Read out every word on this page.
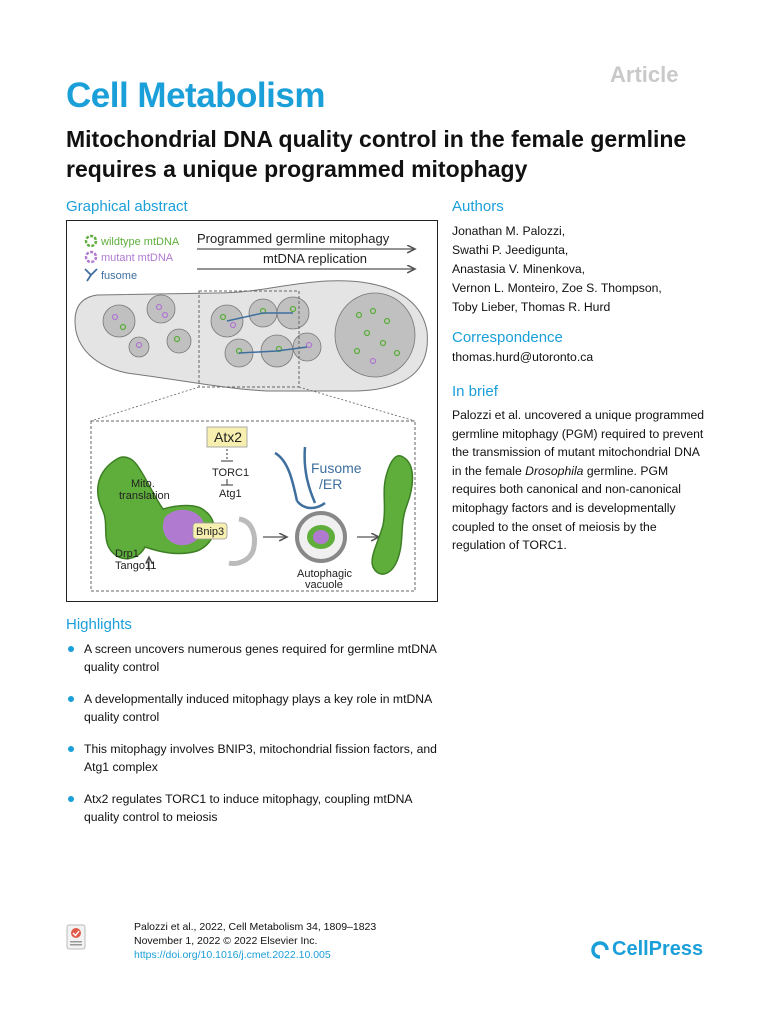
Article
Cell Metabolism
Mitochondrial DNA quality control in the female germline requires a unique programmed mitophagy
Graphical abstract
wildtype mtDNA
mutant mtDNA
fusome
Programmed germline mitophagy
mtDNA replication
Atx2
TORC1
Atg1
Mito.
translation
Bnip3
Drp1
Tango11
Fusome
/ER
Autophagic
vacuole
Authors
Jonathan M. Palozzi,
Swathi P. Jeedigunta,
Anastasia V. Minenkova,
Vernon L. Monteiro, Zoe S. Thompson,
Toby Lieber, Thomas R. Hurd
Correspondence
thomas.hurd@utoronto.ca
In brief
Palozzi et al. uncovered a unique programmed germline mitophagy (PGM) required to prevent the transmission of mutant mitochondrial DNA in the female Drosophila germline. PGM requires both canonical and non-canonical mitophagy factors and is developmentally coupled to the onset of meiosis by the regulation of TORC1.
Highlights
A screen uncovers numerous genes required for germline mtDNA quality control
A developmentally induced mitophagy plays a key role in mtDNA quality control
This mitophagy involves BNIP3, mitochondrial fission factors, and Atg1 complex
Atx2 regulates TORC1 to induce mitophagy, coupling mtDNA quality control to meiosis
Palozzi et al., 2022, Cell Metabolism 34, 1809–1823
November 1, 2022 © 2022 Elsevier Inc.
https://doi.org/10.1016/j.cmet.2022.10.005	CellPress
